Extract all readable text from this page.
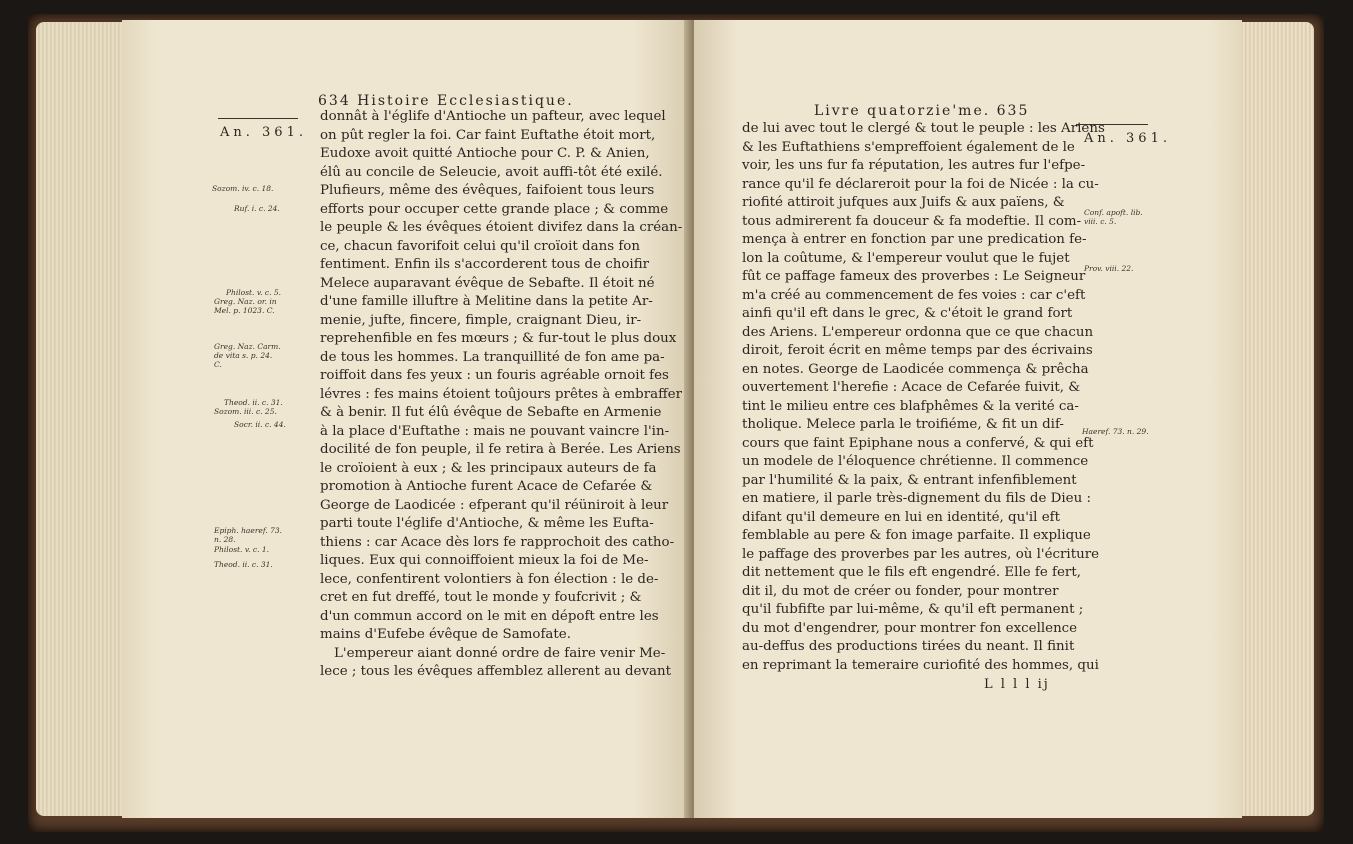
634 Histoire Ecclesiastique.
An. 361.
Sozom. iv. c. 18.
Ruf. i. c. 24.
Philost. v. c. 5.
Greg. Naz. or. in
Mel. p. 1023. C.
Greg. Naz. Carm.
de vita s. p. 24.
C.
Theod. ii. c. 31.
Sozom. iii. c. 25.
Socr. ii. c. 44.
Epiph. haeref. 73.
n. 28.
Philost. v. c. 1.
Theod. ii. c. 31.
donnât à l'églife d'Antioche un pafteur, avec lequel
on pût regler la foi. Car faint Euftathe étoit mort,
Eudoxe avoit quitté Antioche pour C. P. & Anien,
élû au concile de Seleucie, avoit auffi-tôt été exilé.
Plufieurs, même des évêques, faifoient tous leurs
efforts pour occuper cette grande place ; & comme
le peuple & les évêques étoient divifez dans la créan-
ce, chacun favorifoit celui qu'il croïoit dans fon
fentiment. Enfin ils s'accorderent tous de choifir
Melece auparavant évêque de Sebafte. Il étoit né
d'une famille illuftre à Melitine dans la petite Ar-
menie, jufte, fincere, fimple, craignant Dieu, ir-
reprehenfible en fes mœurs ; & fur-tout le plus doux
de tous les hommes. La tranquillité de fon ame pa-
roiffoit dans fes yeux : un fouris agréable ornoit fes
lévres : fes mains étoient toûjours prêtes à embraffer
& à benir. Il fut élû évêque de Sebafte en Armenie
à la place d'Euftathe : mais ne pouvant vaincre l'in-
docilité de fon peuple, il fe retira à Berée. Les Ariens
le croïoient à eux ; & les principaux auteurs de fa
promotion à Antioche furent Acace de Cefarée &
George de Laodicée : efperant qu'il réüniroit à leur
parti toute l'églife d'Antioche, & même les Eufta-
thiens : car Acace dès lors fe rapprochoit des catho-
liques. Eux qui connoiffoient mieux la foi de Me-
lece, confentirent volontiers à fon élection : le de-
cret en fut dreffé, tout le monde y foufcrivit ; &
d'un commun accord on le mit en dépoft entre les
mains d'Eufebe évêque de Samofate.
L'empereur aiant donné ordre de faire venir Me-
lece ; tous les évêques affemblez allerent au devant
Livre quatorzie'me. 635
An. 361.
Conf. apoft. lib.
viii. c. 5.
Prov. viii. 22.
Haeref. 73. n. 29.
de lui avec tout le clergé & tout le peuple : les Ariens
& les Euftathiens s'empreffoient également de le
voir, les uns fur fa réputation, les autres fur l'efpe-
rance qu'il fe déclareroit pour la foi de Nicée : la cu-
riofité attiroit jufques aux Juifs & aux païens, &
tous admirerent fa douceur & fa modeftie. Il com-
mença à entrer en fonction par une predication fe-
lon la coûtume, & l'empereur voulut que le fujet
fût ce paffage fameux des proverbes : Le Seigneur
m'a créé au commencement de fes voies : car c'eft
ainfi qu'il eft dans le grec, & c'étoit le grand fort
des Ariens. L'empereur ordonna que ce que chacun
diroit, feroit écrit en même temps par des écrivains
en notes. George de Laodicée commença & prêcha
ouvertement l'herefie : Acace de Cefarée fuivit, &
tint le milieu entre ces blafphêmes & la verité ca-
tholique. Melece parla le troifiéme, & fit un dif-
cours que faint Epiphane nous a confervé, & qui eft
un modele de l'éloquence chrétienne. Il commence
par l'humilité & la paix, & entrant infenfiblement
en matiere, il parle très-dignement du fils de Dieu :
difant qu'il demeure en lui en identité, qu'il eft
femblable au pere & fon image parfaite. Il explique
le paffage des proverbes par les autres, où l'écriture
dit nettement que le fils eft engendré. Elle fe fert,
dit il, du mot de créer ou fonder, pour montrer
qu'il fubfifte par lui-même, & qu'il eft permanent ;
du mot d'engendrer, pour montrer fon excellence
au-deffus des productions tirées du neant. Il finit
en reprimant la temeraire curiofité des hommes, qui
L l l l ij
